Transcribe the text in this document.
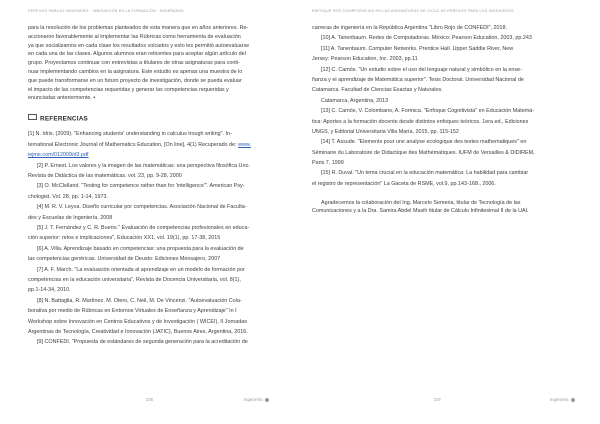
PERFILES PARA EL INGENIERO · INNOVACIÓN EN LA FORMACIÓN · ENSEÑANZA
para la resolución de los problemas planteados de esta manera que en años anteriores. Re-
accionaron favorablemente al implementar las Rúbricas como herramienta de evaluación
ya que socializamos en cada clase los resultados volcados y esto les permitió autoevaluarse
en cada una de las clases. Algunos alumnos eran reticentes para aceptar algún artículo del
grupo. Proyectamos continuar con entrevistas a titulares de otras asignaturas para conti-
nuar implementando cambios en la asignatura. Este estudio es apenas una muestra de lo
que puede transformarse en un futuro proyecto de investigación, donde se pueda evaluar
el impacto de las competencias requeridas y generar las competencias requeridas y
enunciadas anteriormente. ▪
REFERENCIAS
[1] N. Idris. (2009). "Enhancing students' understanding in calculus trough writing". In-
ternational Electronic Journal of Mathematics Education, [On line], 4(1) Recuperado de: www.
iejme.com/012009/d3.pdf
[2] P. Ernest. Los valores y la imagen de las matemáticas: una perspectiva filosófica Uno.
Revista de Didáctica de las matemáticas. vol. 23, pp. 9-28, 2000
[3] O. McClelland. "Testing for competence rather than for 'intelligence'". American Psy-
chologist. Vol. 28, pp. 1-14, 1973.
[4] M. R. V. Leyva. Diseño curricular por competencias. Asociación Nacional de Faculta-
des y Escuelas de Ingeniería, 2008
[5] J. T. Fernández y C. R. Bueno." Evaluación de competencias profesionales en educa-
ción superior: retos e implicaciones", Educación XX1, vol. 19(1), pp. 17-38, 2015
[6] A. Villa. Aprendizaje basado en competencias: una propuesta para la evaluación de
las competencias genéricas. Universidad de Deusto: Ediciones Mensajero, 2007
[7] A. F. March. "La evaluación orientada al aprendizaje en un modelo de formación por
competencias en la educación universitaria", Revista de Docencia Universitaria, vol. 8(1),
pp.1-14-34, 2010.
[8] N. Battaglia, R. Martínez, M. Otero, C. Neil, M. De Vincenzi. "Autoevaluación Cola-
borativa por medio de Rúbricas en Entornos Virtuales de Enseñanza y Aprendizaje" In I
Workshop sobre Innovación en Centros Educativos y de Investigación ( WICEI), II Jornadas
Argentinas de Tecnología, Creatividad e Innovación (JATIC), Buenos Aires, Argentina, 2016.
[9] CONFEDI. "Propuesta de estándares de segunda generación para la acreditación de
336	Ingeniería
ENFOQUE POR COMPETENCIAS EN LAS ASIGNATURAS DE CICLO DE PERFILES PARA LOS INGENIEROS
carreras de ingeniería en la República Argentina "Libro Rojo de CONFEDI", 2018.
[10] A. Tanenbaum. Redes de Computadoras. México: Pearson Education, 2003, pp.243
[11] A. Tanenbaum. Computer Networks. Prentice Hall. Upper Saddle River, New
Jersey: Pearson Education, Inc. 2003, pp.11
[12] C. Camós. "Un estudio sobre el uso del lenguaje natural y simbólico en la ense-
ñanza y el aprendizaje de Matemática superior". Tesis Doctoral. Universidad Nacional de
Catamarca. Facultad de Ciencias Exactas y Naturales.
Catamarca, Argentina, 2013
[13] C. Camós, V. Colombano, A. Formica. "Enfoque Cognitivista" en Educación Matemá-
tica: Aportes a la formación docente desde distintos enfoques teóricos. 1era ed., Ediciones
UNGS, y Editorial Universitaria Villa María, 2015, pp. 115-152
[14] T. Assude. "Elements pour une analyse ecologique des textes mathematiques" en
Séminaire du Laboratoire de Didactique des Mathématiques. IUFM de Versailles & DIDIREM,
Paris 7, 1999
[15] R. Duval. "Un tema crucial en la educación matemática: La habilidad para cambiar
el registro de representación" La Gaceta de RSME, vol.9, pp.143-168., 2006.
Agradecemos la colaboración del Ing. Marcelo Semeria, titular de Tecnología de las
Comunicaciones y a la Dra. Samira Abdel Masih titular de Cálculo Infinitesimal II de la UAI.
337	Ingeniería
